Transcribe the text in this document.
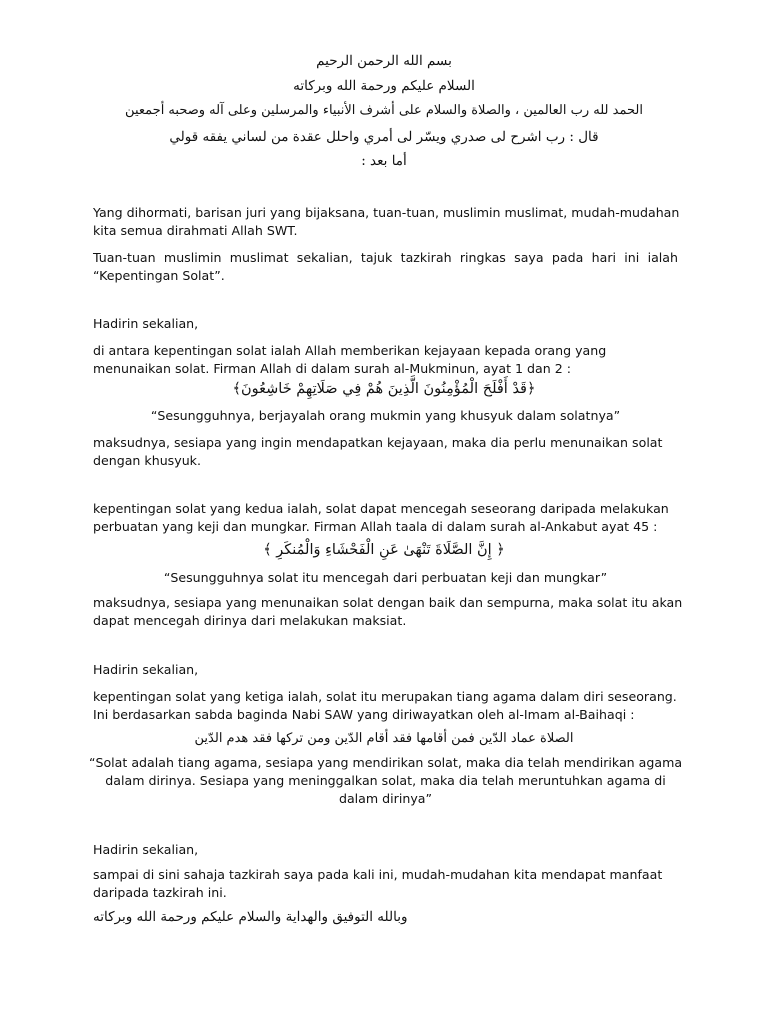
بسم الله الرحمن الرحيم
السلام عليكم ورحمة الله وبركاته
الحمد لله رب العالمين ، والصلاة والسلام على أشرف الأنبياء والمرسلين وعلى آله وصحبه أجمعين
قال : رب اشرح لى صدري ويسّر لى أمري واحلل عقدة من لساني يفقه قولي
أما بعد :
Yang dihormati, barisan juri yang bijaksana, tuan-tuan, muslimin muslimat, mudah-mudahan
kita semua dirahmati Allah SWT.
Tuan-tuan muslimin muslimat sekalian, tajuk tazkirah ringkas saya pada hari ini ialah “Kepentingan Solat”.
Hadirin sekalian,
di antara kepentingan solat ialah Allah memberikan kejayaan kepada orang yang
menunaikan solat. Firman Allah di dalam surah al-Mukminun, ayat 1 dan 2 :
﴿قَدْ أَفْلَحَ الْمُؤْمِنُونَ الَّذِينَ هُمْ فِي صَلَاتِهِمْ خَاشِعُونَ﴾
“Sesungguhnya, berjayalah orang mukmin yang khusyuk dalam solatnya”
maksudnya, sesiapa yang ingin mendapatkan kejayaan, maka dia perlu menunaikan solat
dengan khusyuk.
kepentingan solat yang kedua ialah, solat dapat mencegah seseorang daripada melakukan
perbuatan yang keji dan mungkar. Firman Allah taala di dalam surah al-Ankabut ayat 45 :
﴿ إِنَّ الصَّلَاةَ تَنْهَىٰ عَنِ الْفَحْشَاءِ وَالْمُنكَرِ ﴾
“Sesungguhnya solat itu mencegah dari perbuatan keji dan mungkar”
maksudnya, sesiapa yang menunaikan solat dengan baik dan sempurna, maka solat itu akan
dapat mencegah dirinya dari melakukan maksiat.
Hadirin sekalian,
kepentingan solat yang ketiga ialah, solat itu merupakan tiang agama dalam diri seseorang.
Ini berdasarkan sabda baginda Nabi SAW yang diriwayatkan oleh al-Imam al-Baihaqi :
الصلاة عماد الدّين فمن أقامها فقد أقام الدّين ومن تركها فقد هدم الدّين
“Solat adalah tiang agama, sesiapa yang mendirikan solat, maka dia telah mendirikan agama
dalam dirinya. Sesiapa yang meninggalkan solat, maka dia telah meruntuhkan agama di
dalam dirinya”
Hadirin sekalian,
sampai di sini sahaja tazkirah saya pada kali ini, mudah-mudahan kita mendapat manfaat
daripada tazkirah ini.
وبالله التوفيق والهداية والسلام عليكم ورحمة الله وبركاته
